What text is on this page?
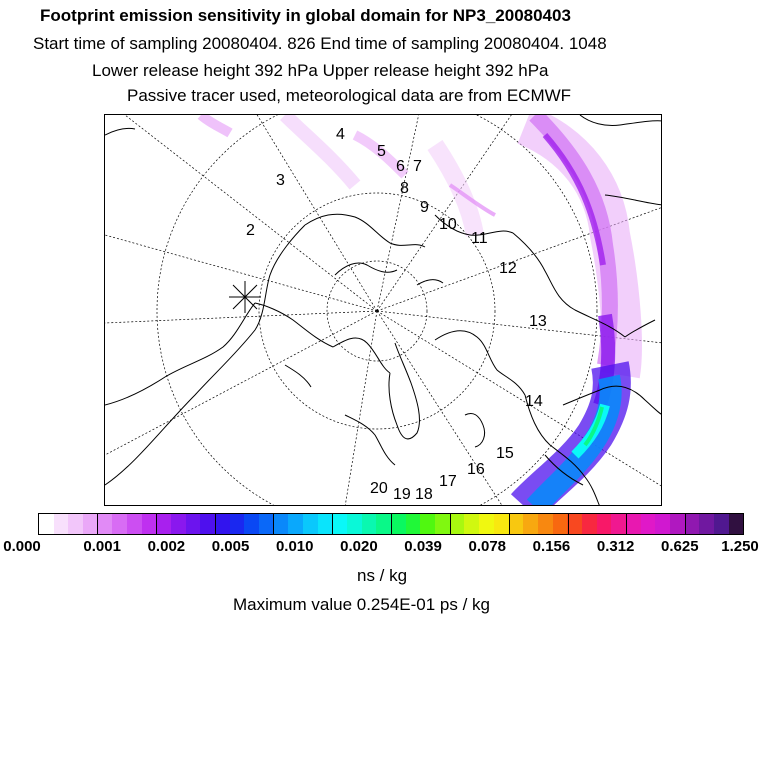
Footprint emission sensitivity in global domain for NP3_20080403
Start time of sampling 20080404. 826 End time of sampling 20080404. 1048
Lower release height 392 hPa Upper release height 392 hPa
Passive tracer used, meteorological data are from ECMWF
2
3
4
5
6 7
8
9
10
11
12
13
14
15
16
17
18
19
20
0.000	0.001 0.002 0.005 0.010 0.020 0.039 0.078 0.156 0.312 0.625 1.250
ns / kg
Maximum value 0.254E-01 ps / kg
